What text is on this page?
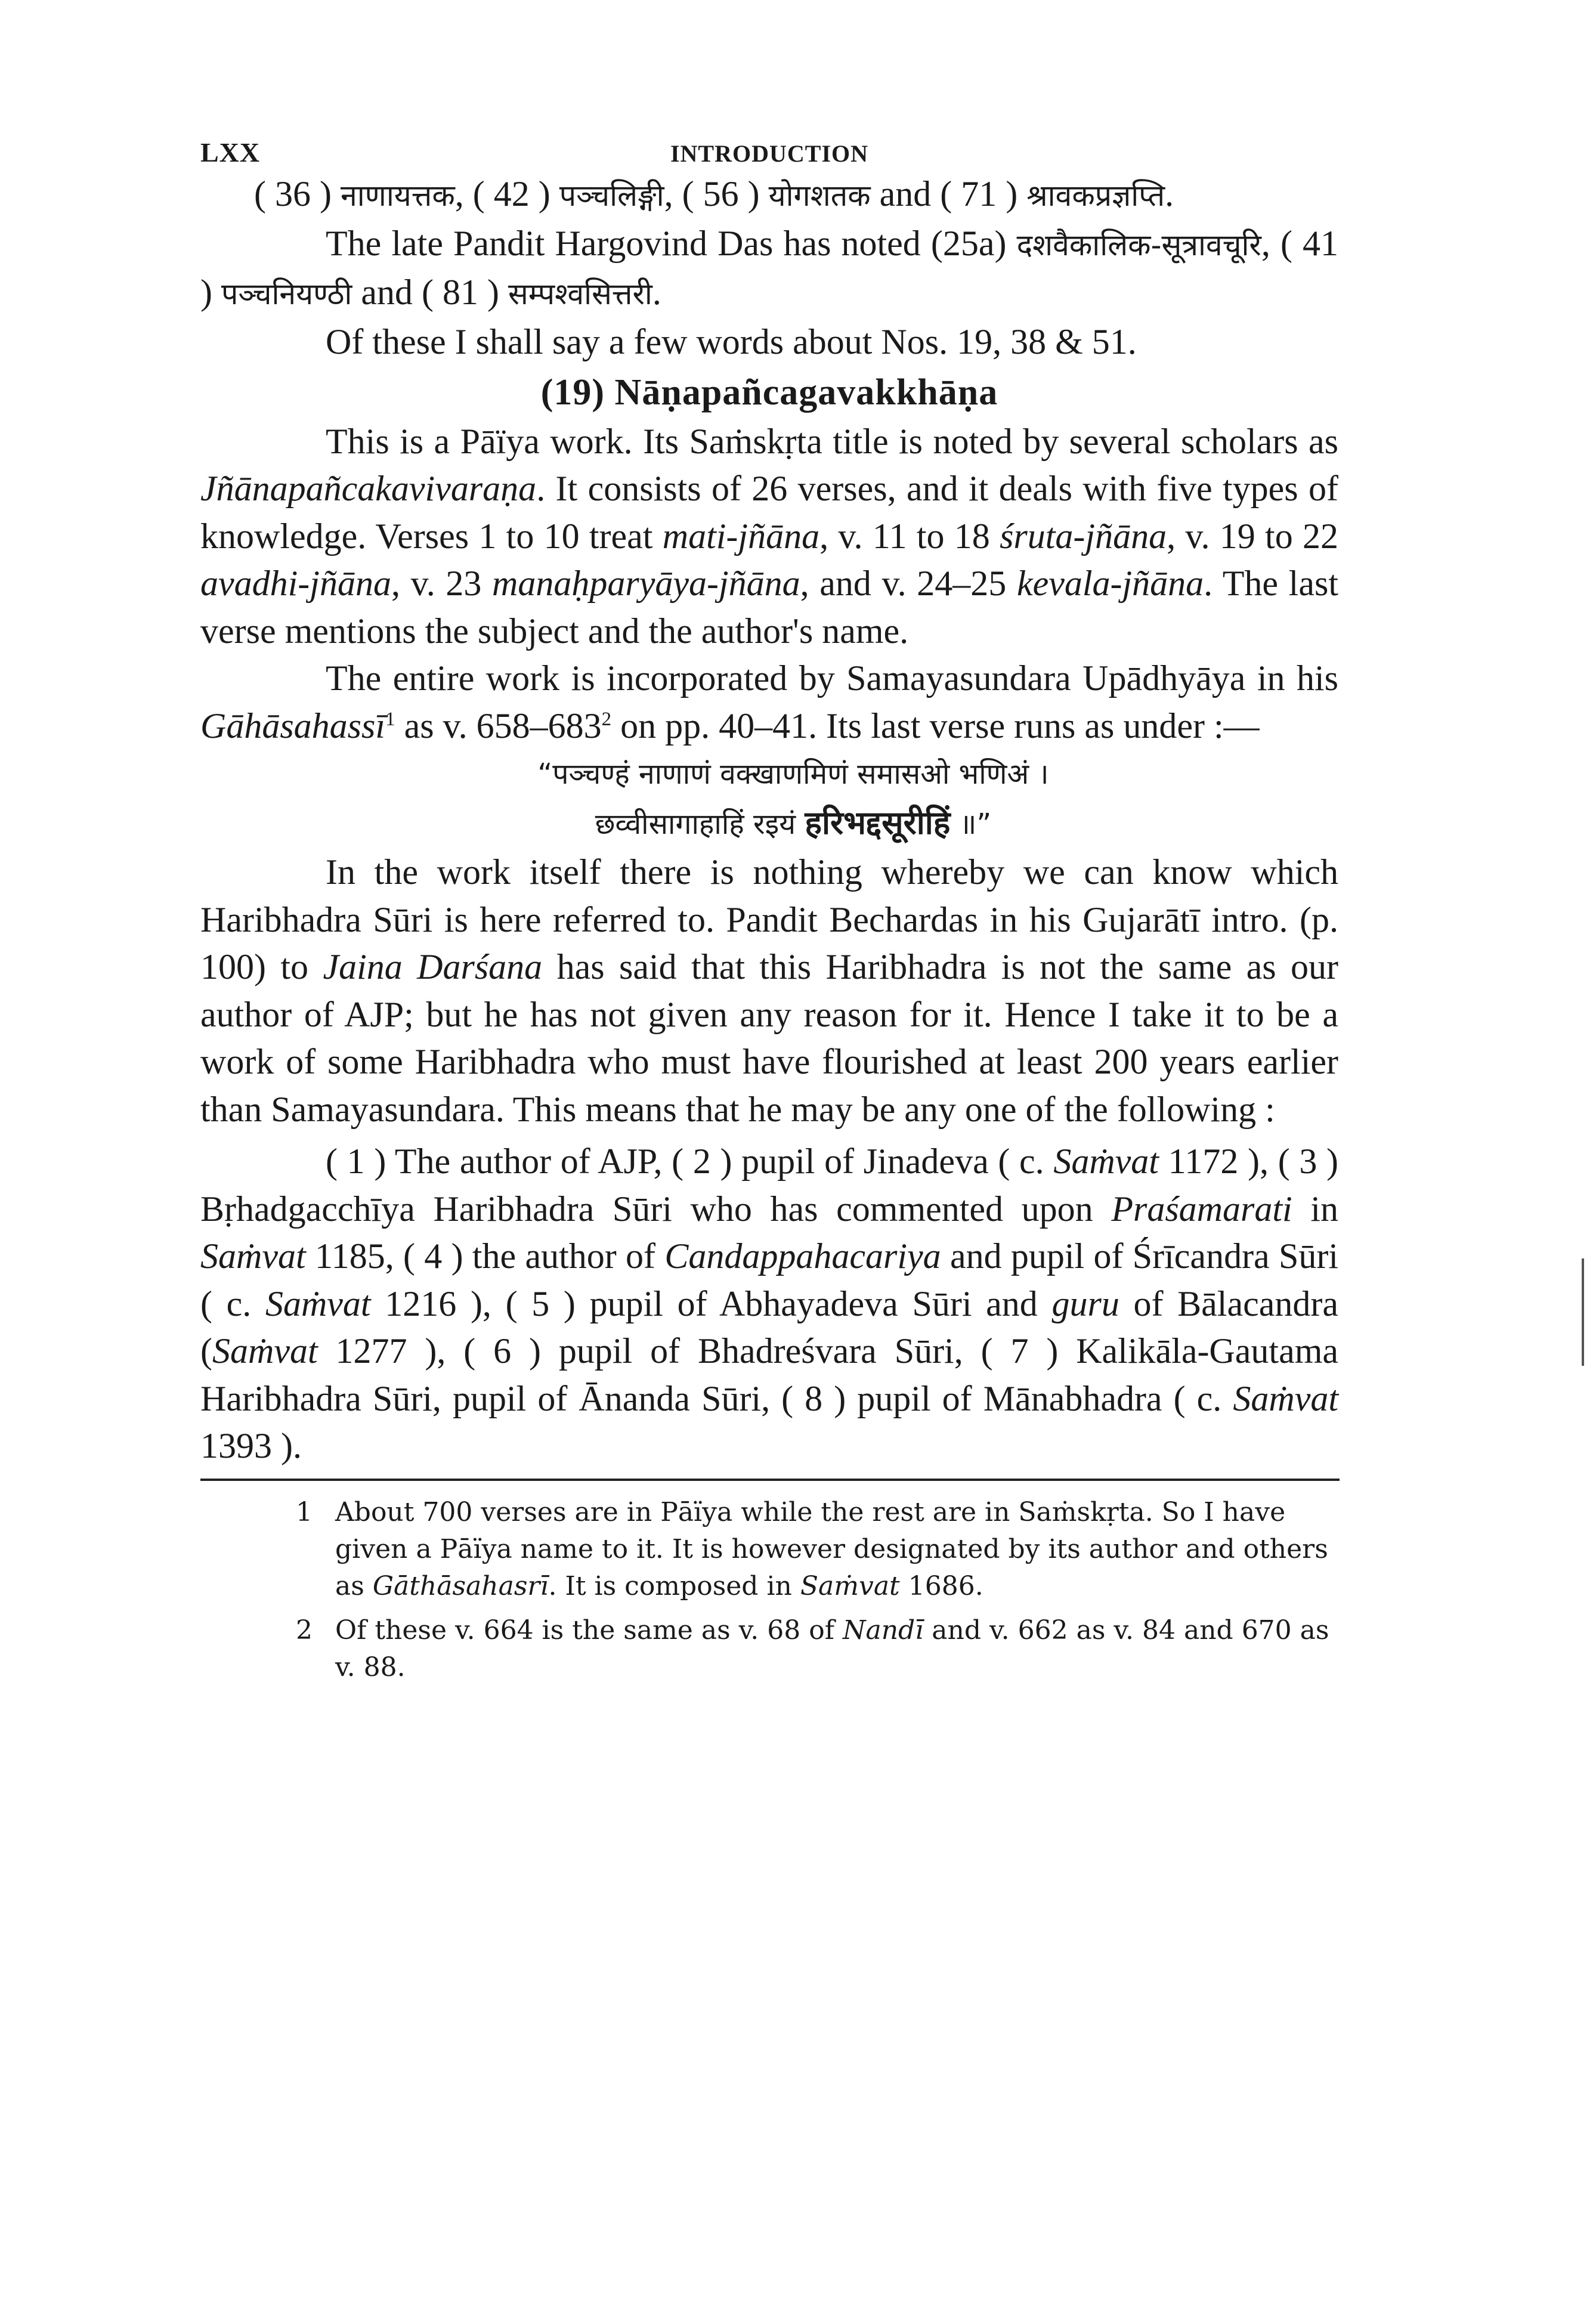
LXX	INTRODUCTION

( 36 ) नाणायत्तक, ( 42 ) पञ्चलिङ्गी, ( 56 ) योगशतक and ( 71 ) श्रावकप्रज्ञप्ति.

The late Pandit Hargovind Das has noted (25a) दशवैकालिक-सूत्रावचूरि, ( 41 ) पञ्चनियण्ठी and ( 81 ) सम्पश्वसित्तरी.

Of these I shall say a few words about Nos. 19, 38 & 51.

(19) Nāṇapañcagavakkhāṇa

This is a Pāïya work. Its Saṁskṛta title is noted by several scholars as Jñānapañcakavivaraṇa. It consists of 26 verses, and it deals with five types of knowledge. Verses 1 to 10 treat mati-jñāna, v. 11 to 18 śruta-jñāna, v. 19 to 22 avadhi-jñāna, v. 23 manaḥparyāya-jñāna, and v. 24–25 kevala-jñāna. The last verse mentions the subject and the author's name.

The entire work is incorporated by Samayasundara Upādhyāya in his Gāhāsahassī$^1$ as v. $658-683^2$ on pp. 40–41. Its last verse runs as under :—

“पञ्चण्हं नाणाणं वक्खाणमिणं समासओ भणिअं ।
छव्वीसागाहाहिं रइयं हरिभद्दसूरीहिं ॥”

In the work itself there is nothing whereby we can know which Haribhadra Sūri is here referred to. Pandit Bechardas in his Gujarātī intro. (p. 100) to Jaina Darśana has said that this Haribhadra is not the same as our author of AJP; but he has not given any reason for it. Hence I take it to be a work of some Haribhadra who must have flourished at least 200 years earlier than Samayasundara. This means that he may be any one of the following :

( 1 ) The author of AJP, ( 2 ) pupil of Jinadeva ( c. Saṁvat 1172 ), ( 3 ) Bṛhadgacchīya Haribhadra Sūri who has commented upon Praśamarati in Saṁvat 1185, ( 4 ) the author of Candappahacariya and pupil of Śrīcandra Sūri ( c. Saṁvat 1216 ), ( 5 ) pupil of Abhayadeva Sūri and guru of Bālacandra (Saṁvat 1277 ), ( 6 ) pupil of Bhadreśvara Sūri, ( 7 ) Kalikāla-Gautama Haribhadra Sūri, pupil of Ānanda Sūri, ( 8 ) pupil of Mānabhadra ( c. Saṁvat 1393 ).

1 About 700 verses are in Pāïya while the rest are in Saṁskṛta. So I have given a Pāïya name to it. It is however designated by its author and others as Gāthāsahasrī. It is composed in Saṁvat 1686.

2 Of these v. 664 is the same as v. 68 of Nandī and v. 662 as v. 84 and 670 as v. 88.
